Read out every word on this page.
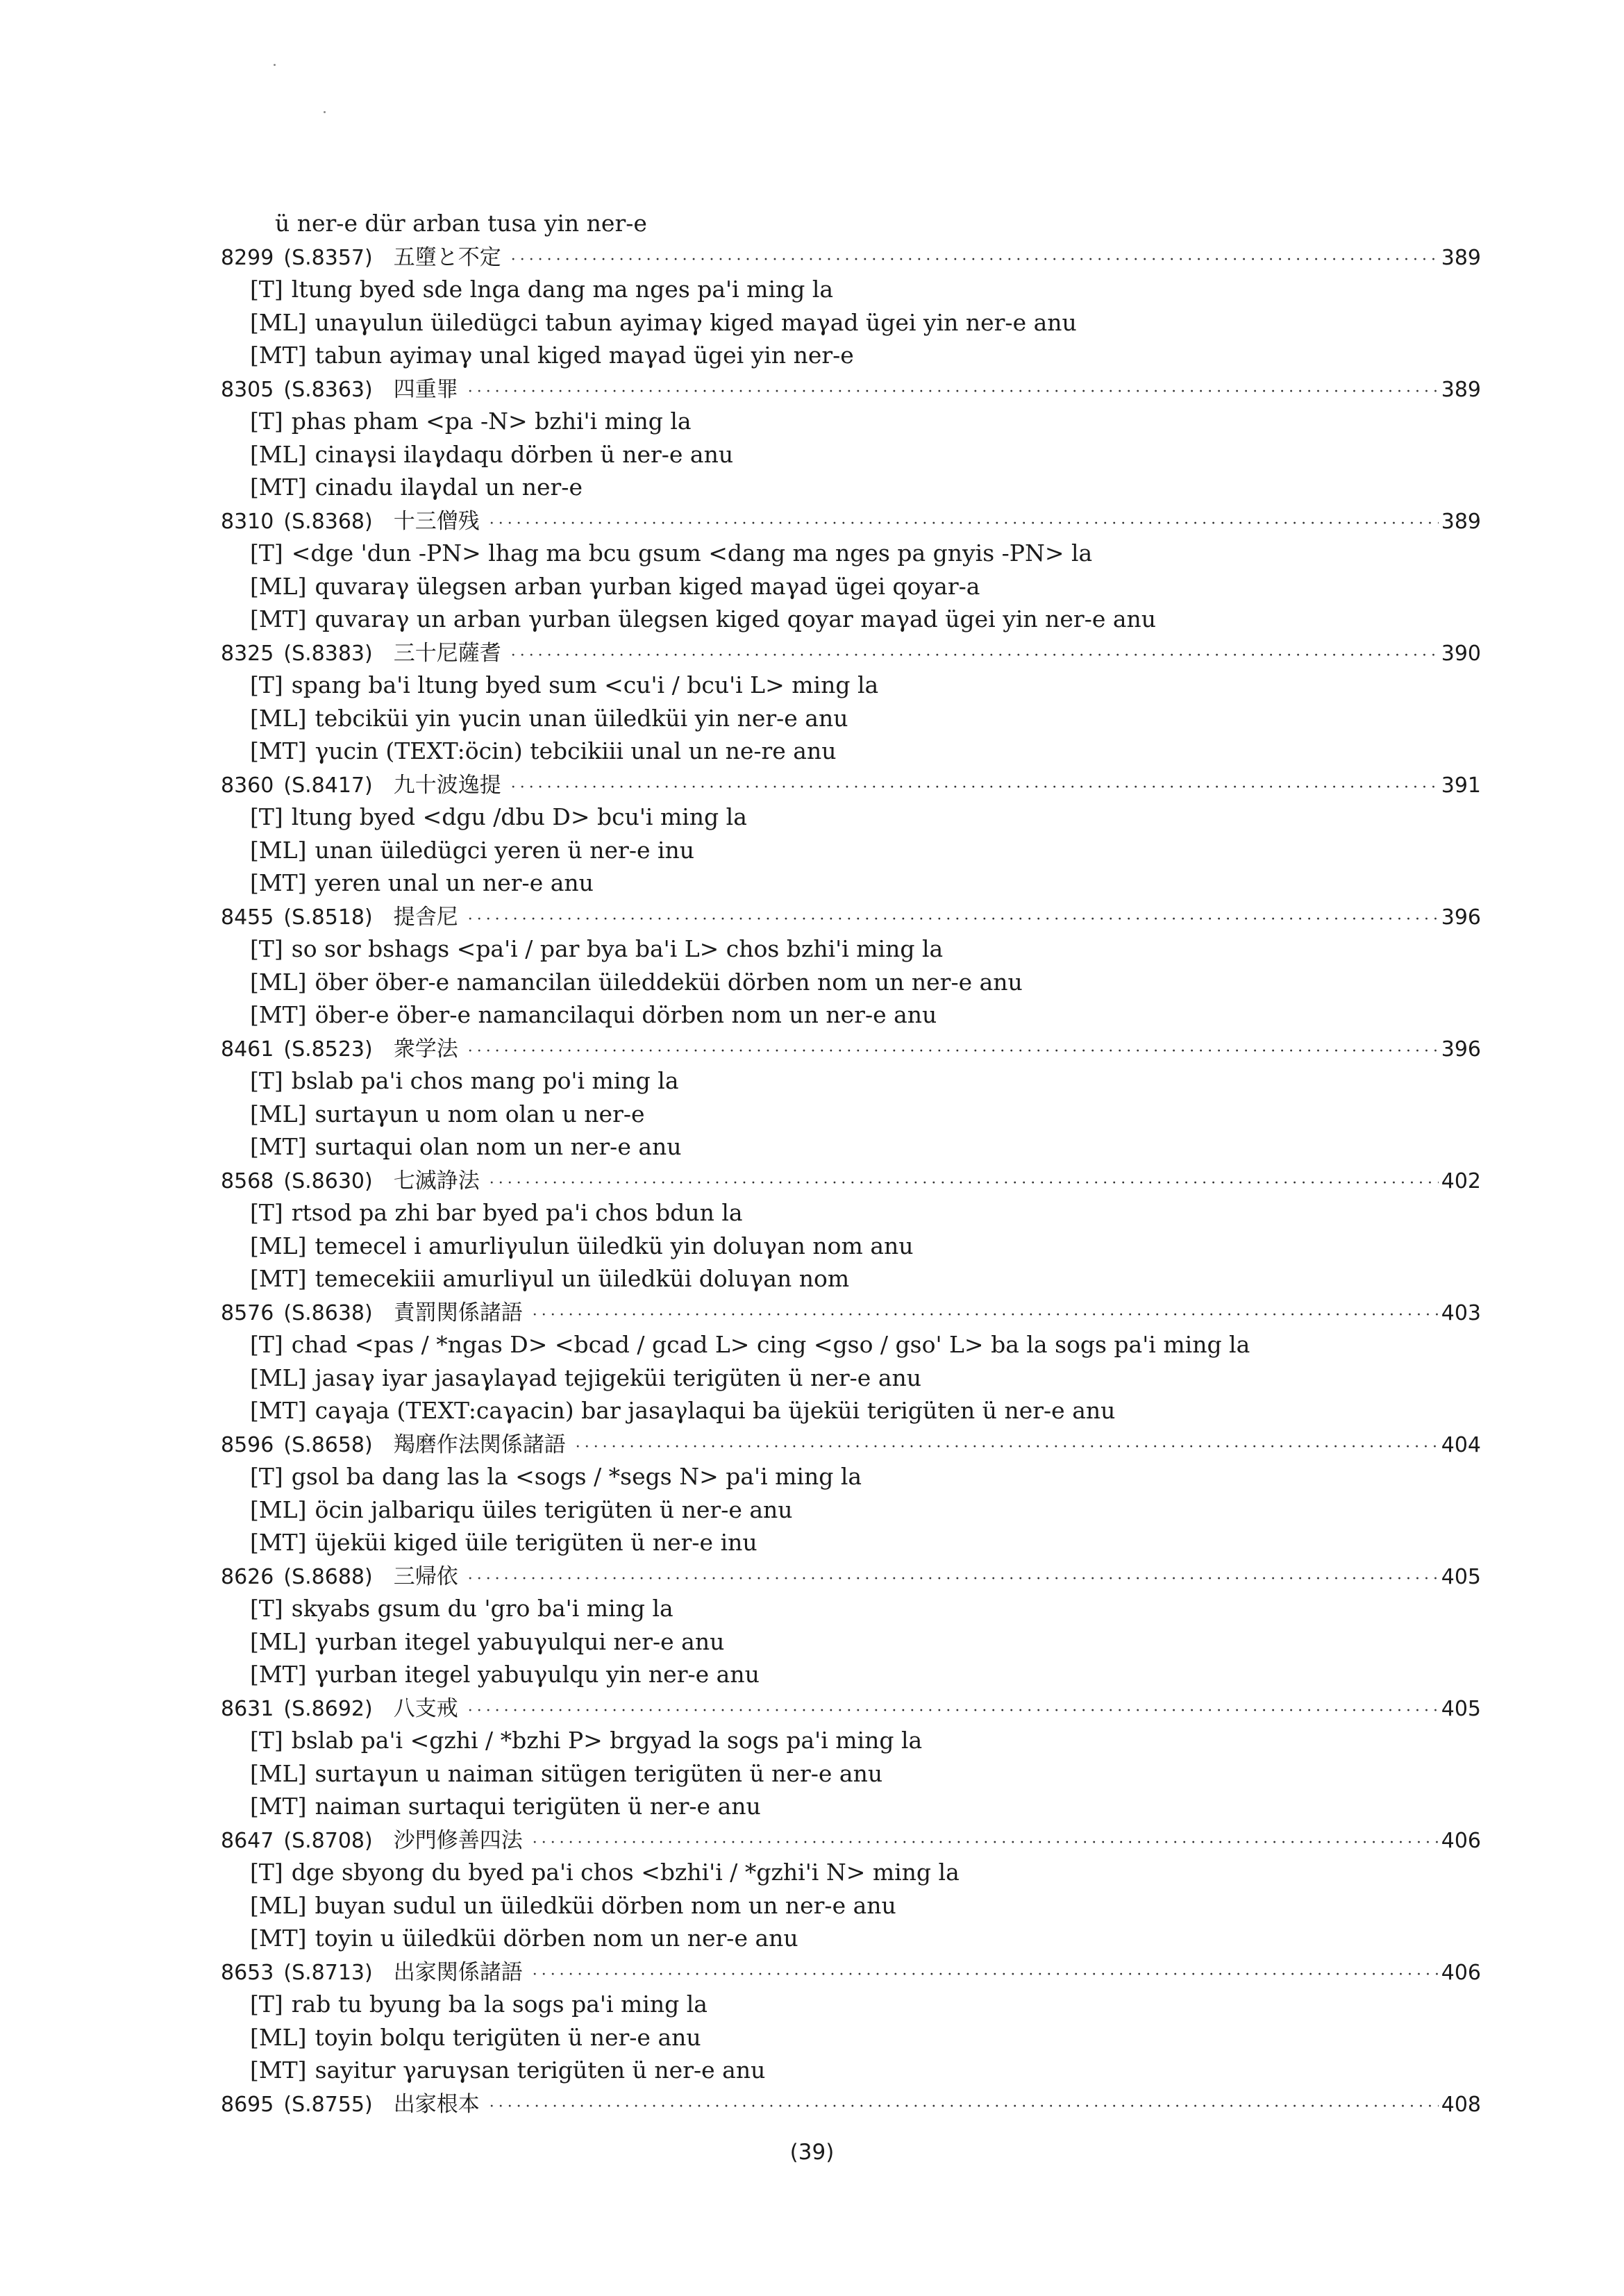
ü ner-e dür arban tusa yin ner-e
8299 (S.8357) 五墮と不定 ·····	389
[T] ltung byed sde lnga dang ma nges pa'i ming la
[ML] unaγulun üiledügci tabun ayimaγ kiged maγad ügei yin ner-e anu
[MT] tabun ayimaγ unal kiged maγad ügei yin ner-e
8305 (S.8363) 四重罪 ·····	389
[T] phas pham <pa -N> bzhi'i ming la
[ML] cinaγsi ilaγdaqu dörben ü ner-e anu
[MT] cinadu ilaγdal un ner-e
8310 (S.8368) 十三僧残 ·····	389
[T] <dge 'dun -PN> lhag ma bcu gsum <dang ma nges pa gnyis -PN> la
[ML] quvaraγ ülegsen arban γurban kiged maγad ügei qoyar-a
[MT] quvaraγ un arban γurban ülegsen kiged qoyar maγad ügei yin ner-e anu
8325 (S.8383) 三十尼薩耆 ·····	390
[T] spang ba'i ltung byed sum <cu'i / bcu'i L> ming la
[ML] tebciküi yin γucin unan üiledküi yin ner-e anu
[MT] γucin (TEXT:öcin) tebcikiii unal un ne-re anu
8360 (S.8417) 九十波逸提 ·····	391
[T] ltung byed <dgu /dbu D> bcu'i ming la
[ML] unan üiledügci yeren ü ner-e inu
[MT] yeren unal un ner-e anu
8455 (S.8518) 提舎尼 ·····	396
[T] so sor bshags <pa'i / par bya ba'i L> chos bzhi'i ming la
[ML] öber öber-e namancilan üileddeküi dörben nom un ner-e anu
[MT] öber-e öber-e namancilaqui dörben nom un ner-e anu
8461 (S.8523) 衆学法 ·····	396
[T] bslab pa'i chos mang po'i ming la
[ML] surtaγun u nom olan u ner-e
[MT] surtaqui olan nom un ner-e anu
8568 (S.8630) 七滅諍法 ·····	402
[T] rtsod pa zhi bar byed pa'i chos bdun la
[ML] temecel i amurliγulun üiledkü yin doluγan nom anu
[MT] temecekiii amurliγul un üiledküi doluγan nom
8576 (S.8638) 責罰関係諸語 ·····	403
[T] chad <pas / *ngas D> <bcad / gcad L> cing <gso / gso' L> ba la sogs pa'i ming la
[ML] jasaγ iyar jasaγlaγad tejigeküi terigüten ü ner-e anu
[MT] caγaja (TEXT:caγacin) bar jasaγlaqui ba üjeküi terigüten ü ner-e anu
8596 (S.8658) 羯磨作法関係諸語 ·····	404
[T] gsol ba dang las la <sogs / *segs N> pa'i ming la
[ML] öcin jalbariqu üiles terigüten ü ner-e anu
[MT] üjeküi kiged üile terigüten ü ner-e inu
8626 (S.8688) 三帰依 ·····	405
[T] skyabs gsum du 'gro ba'i ming la
[ML] γurban itegel yabuγulqui ner-e anu
[MT] γurban itegel yabuγulqu yin ner-e anu
8631 (S.8692) 八支戒 ·····	405
[T] bslab pa'i <gzhi / *bzhi P> brgyad la sogs pa'i ming la
[ML] surtaγun u naiman sitügen terigüten ü ner-e anu
[MT] naiman surtaqui terigüten ü ner-e anu
8647 (S.8708) 沙門修善四法 ·····	406
[T] dge sbyong du byed pa'i chos <bzhi'i / *gzhi'i N> ming la
[ML] buyan sudul un üiledküi dörben nom un ner-e anu
[MT] toyin u üiledküi dörben nom un ner-e anu
8653 (S.8713) 出家関係諸語 ·····	406
[T] rab tu byung ba la sogs pa'i ming la
[ML] toyin bolqu terigüten ü ner-e anu
[MT] sayitur γaruγsan terigüten ü ner-e anu
8695 (S.8755) 出家根本 ·····	408
(39)
